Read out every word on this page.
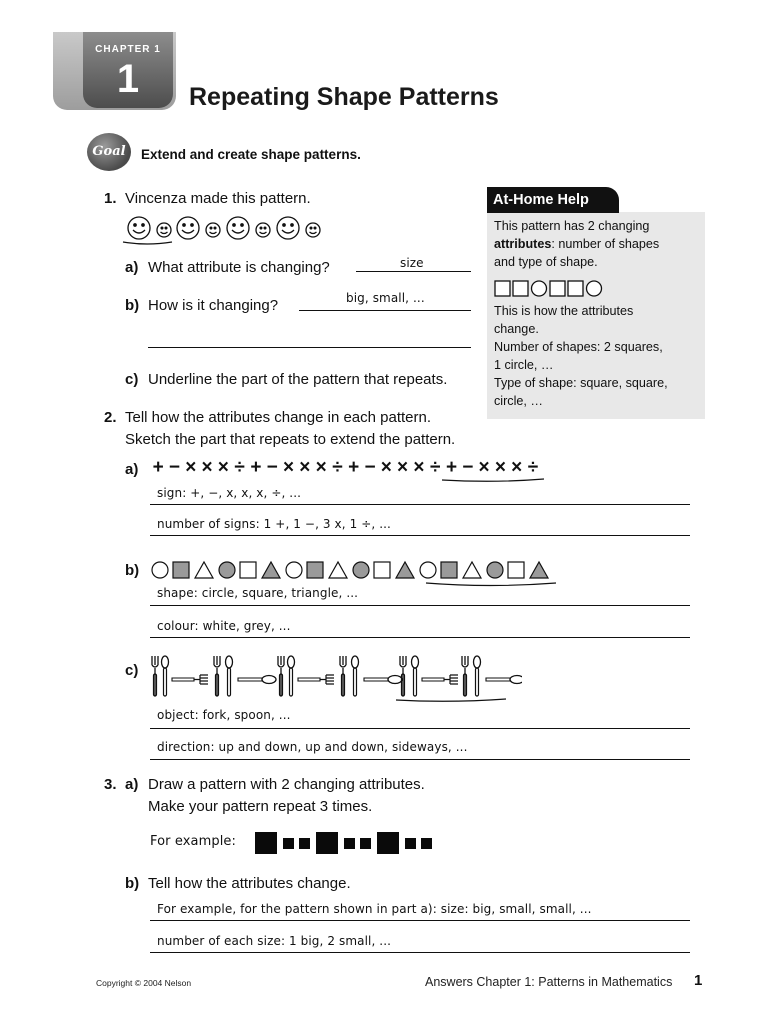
CHAPTER 1
1	Repeating Shape Patterns
Goal	Extend and create shape patterns.
At-Home Help
This pattern has 2 changing
attributes: number of shapes
and type of shape.
This is how the attributes
change.
Number of shapes: 2 squares,
1 circle, …
Type of shape: square, square,
circle, …
1. Vincenza made this pattern.
a) What attribute is changing?	size
b) How is it changing?	big, small, ...
c) Underline the part of the pattern that repeats.
2. Tell how the attributes change in each pattern.
Sketch the part that repeats to extend the pattern.
a) + − × × × ÷ + − × × × ÷ + − × × × ÷ + − × × × ÷
sign: +, −, x, x, x, ÷, ...
number of signs: 1 +, 1 −, 3 x, 1 ÷, ...
b)
shape: circle, square, triangle, ...
colour: white, grey, ...
c)
object: fork, spoon, ...
direction: up and down, up and down, sideways, ...
3. a) Draw a pattern with 2 changing attributes.
Make your pattern repeat 3 times.
For example:
b) Tell how the attributes change.
For example, for the pattern shown in part a): size: big, small, small, ...
number of each size: 1 big, 2 small, ...
Copyright © 2004 Nelson	Answers Chapter 1: Patterns in Mathematics 1
